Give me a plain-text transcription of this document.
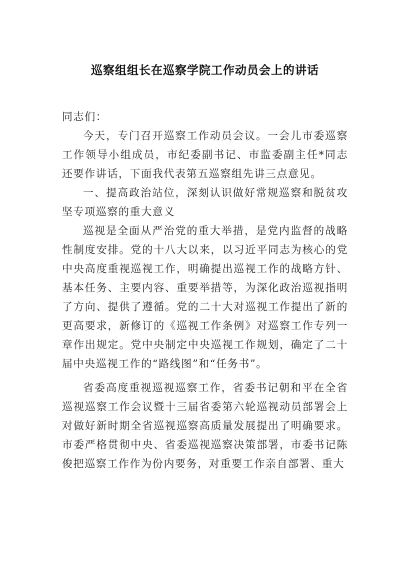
巡察组组长在巡察学院工作动员会上的讲话

同志们：

今天，专门召开巡察工作动员会议。一会儿市委巡察工作领导小组成员，市纪委副书记、市监委副主任*同志还要作讲话，下面我代表第五巡察组先讲三点意见。

一、提高政治站位，深刻认识做好常规巡察和脱贫攻坚专项巡察的重大意义

巡视是全面从严治党的重大举措，是党内监督的战略性制度安排。党的十八大以来，以习近平同志为核心的党中央高度重视巡视工作，明确提出巡视工作的战略方针、基本任务、主要内容、重要举措等，为深化政治巡视指明了方向、提供了遵循。党的二十大对巡视工作提出了新的更高要求，新修订的《巡视工作条例》对巡察工作专列一章作出规定。党中央制定中央巡视工作规划，确定了二十届中央巡视工作的“路线图”和“任务书”。

省委高度重视巡视巡察工作，省委书记朝和平在全省巡视巡察工作会议暨十三届省委第六轮巡视动员部署会上对做好新时期全省巡视巡察高质量发展提出了明确要求。市委严格贯彻中央、省委巡视巡察决策部署，市委书记陈俊把巡察工作作为份内要务，对重要工作亲自部署、重大
